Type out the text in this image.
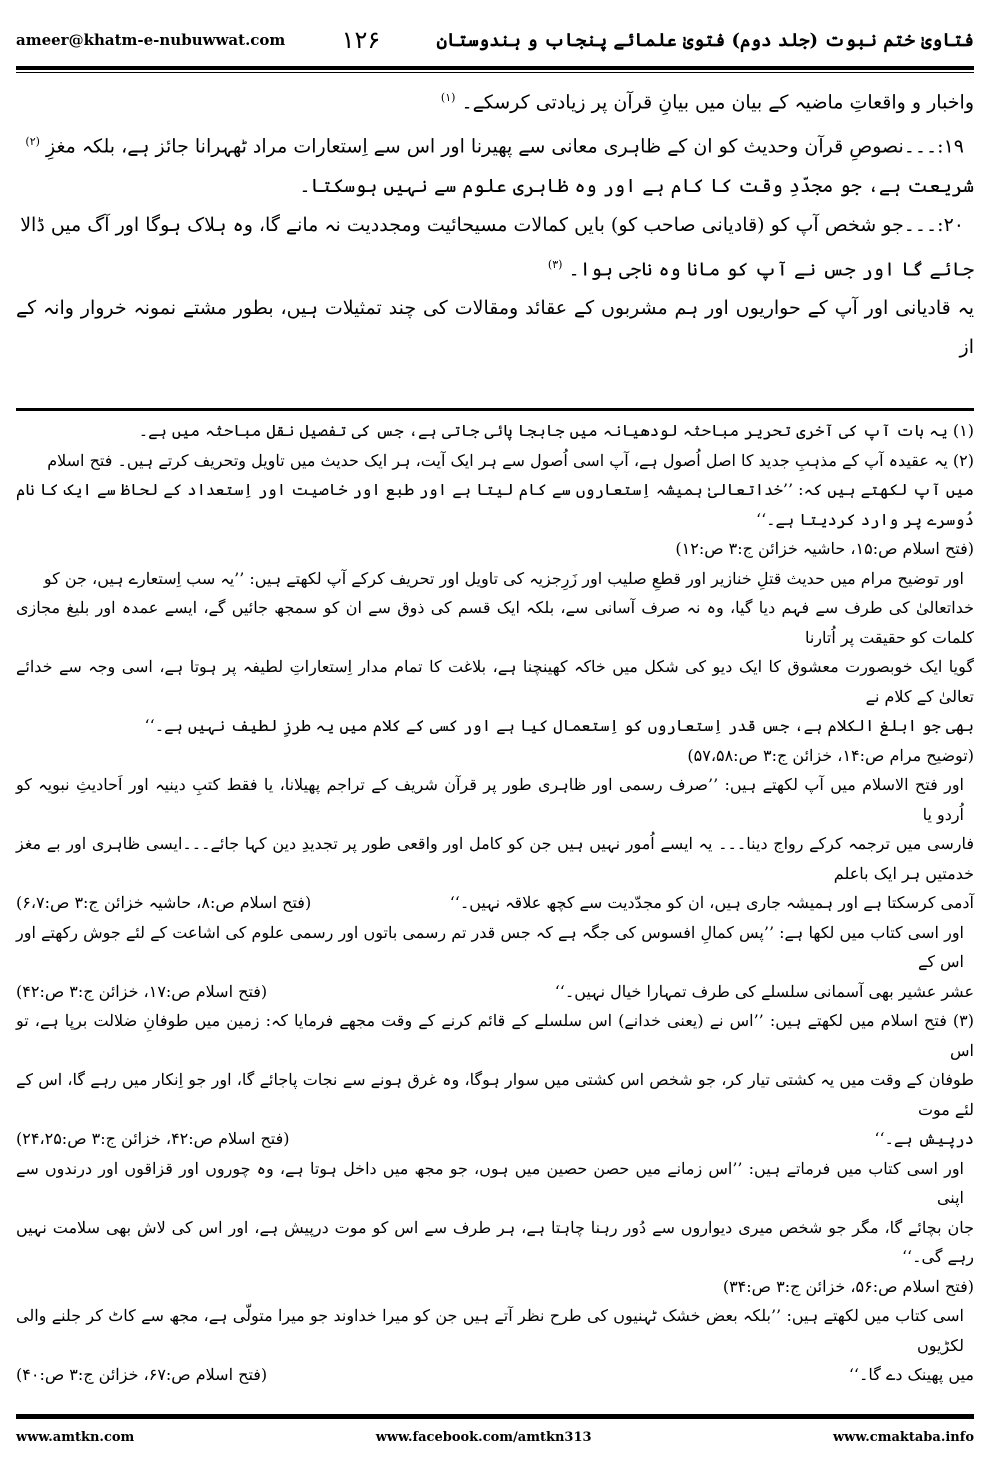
ameer@khatm-e-nubuwwat.com	۱۲۶	فتاویٰ ختم نبوت (جلد دوم) فتویٰ علمائے پنجاب و ہندوستان
واخبار و واقعاتِ ماضیہ کے بیان میں بیانِ قرآن پر زیادتی کرسکے۔ $^{(۱)}$
۱۹:۔۔۔نصوصِ قرآن وحدیث کو ان کے ظاہری معانی سے پھیرنا اور اس سے اِستعارات مراد ٹھہرانا جائز ہے، بلکہ مغزِ $^{(۲)}$
شریعت ہے، جو مجدّدِ وقت کا کام ہے اور وہ ظاہری علوم سے نہیں ہوسکتا۔
۲۰:۔۔۔جو شخص آپ کو (قادیانی صاحب کو) بایں کمالات مسیحائیت ومجددیت نہ مانے گا، وہ ہلاک ہوگا اور آگ میں ڈالا
جائے گا اور جس نے آپ کو مانا وہ ناجی ہوا۔ $^{(۳)}$
یہ قادیانی اور آپ کے حواریوں اور ہم مشربوں کے عقائد ومقالات کی چند تمثیلات ہیں، بطور مشتے نمونہ خروار وانہ کے از
(۱) یہ بات آپ کی آخری تحریر مباحثہ لودھیانہ میں جابجا پائی جاتی ہے، جس کی تفصیل نقل مباحثہ میں ہے۔
(۲) یہ عقیدہ آپ کے مذہبِ جدید کا اصل اُصول ہے، آپ اسی اُصول سے ہر ایک آیت، ہر ایک حدیث میں تاویل وتحریف کرتے ہیں۔ فتح اسلام
میں آپ لکھتے ہیں کہ: ’’خداتعالیٰ ہمیشہ اِستعاروں سے کام لیتا ہے اور طبع اور خاصیت اور اِستعداد کے لحاظ سے ایک کا نام دُوسرے پر وارد کردیتا ہے۔‘‘
(فتح اسلام ص:۱۵، حاشیہ خزائن ج:۳ ص:۱۲)
اور توضیح مرام میں حدیث قتلِ خنازیر اور قطعِ صلیب اور زَرِجزیہ کی تاویل اور تحریف کرکے آپ لکھتے ہیں: ’’یہ سب اِستعارے ہیں، جن کو
خداتعالیٰ کی طرف سے فہم دیا گیا، وہ نہ صرف آسانی سے، بلکہ ایک قسم کی ذوق سے ان کو سمجھ جائیں گے، ایسے عمدہ اور بلیغ مجازی کلمات کو حقیقت پر اُتارنا
گویا ایک خوبصورت معشوق کا ایک دیو کی شکل میں خاکہ کھینچنا ہے، بلاغت کا تمام مدار اِستعاراتِ لطیفہ پر ہوتا ہے، اسی وجہ سے خدائے تعالیٰ کے کلام نے
بھی جو ابلغ الکلام ہے، جس قدر اِستعاروں کو اِستعمال کیا ہے اور کسی کے کلام میں یہ طرزِ لطیف نہیں ہے۔‘‘
(توضیح مرام ص:۱۴، خزائن ج:۳ ص:۵۷،۵۸)
اور فتح الاسلام میں آپ لکھتے ہیں: ’’صرف رسمی اور ظاہری طور پر قرآن شریف کے تراجم پھیلانا، یا فقط کتبِ دینیہ اور اَحادیثِ نبویہ کو اُردو یا
فارسی میں ترجمہ کرکے رواج دینا۔۔۔ یہ ایسے اُمور نہیں ہیں جن کو کامل اور واقعی طور پر تجدیدِ دین کہا جائے۔۔۔ایسی ظاہری اور بے مغز خدمتیں ہر ایک باعلم
آدمی کرسکتا ہے اور ہمیشہ جاری ہیں، ان کو مجدّدیت سے کچھ علاقہ نہیں۔‘‘
(فتح اسلام ص:۸، حاشیہ خزائن ج:۳ ص:۶،۷)
اور اسی کتاب میں لکھا ہے: ’’پس کمالِ افسوس کی جگہ ہے کہ جس قدر تم رسمی باتوں اور رسمی علوم کی اشاعت کے لئے جوش رکھتے اور اس کے
عشر عشیر بھی آسمانی سلسلے کی طرف تمہارا خیال نہیں۔‘‘
(فتح اسلام ص:۱۷، خزائن ج:۳ ص:۴۲)
(۳) فتح اسلام میں لکھتے ہیں: ’’اس نے (یعنی خدانے) اس سلسلے کے قائم کرنے کے وقت مجھے فرمایا کہ: زمین میں طوفانِ ضلالت برپا ہے، تو اس
طوفان کے وقت میں یہ کشتی تیار کر، جو شخص اس کشتی میں سوار ہوگا، وہ غرق ہونے سے نجات پاجائے گا، اور جو اِنکار میں رہے گا، اس کے لئے موت
درپیش ہے۔‘‘
(فتح اسلام ص:۴۲، خزائن ج:۳ ص:۲۴،۲۵)
اور اسی کتاب میں فرماتے ہیں: ’’اس زمانے میں حصن حصین میں ہوں، جو مجھ میں داخل ہوتا ہے، وہ چوروں اور قزاقوں اور درندوں سے اپنی
جان بچائے گا، مگر جو شخص میری دیواروں سے دُور رہنا چاہتا ہے، ہر طرف سے اس کو موت درپیش ہے، اور اس کی لاش بھی سلامت نہیں رہے گی۔‘‘
(فتح اسلام ص:۵۶، خزائن ج:۳ ص:۳۴)
اسی کتاب میں لکھتے ہیں: ’’بلکہ بعض خشک ٹہنیوں کی طرح نظر آتے ہیں جن کو میرا خداوند جو میرا متولّی ہے، مجھ سے کاٹ کر جلنے والی لکڑیوں
میں پھینک دے گا۔‘‘
(فتح اسلام ص:۶۷، خزائن ج:۳ ص:۴۰)
www.amtkn.com	www.facebook.com/amtkn313	www.cmaktaba.info
